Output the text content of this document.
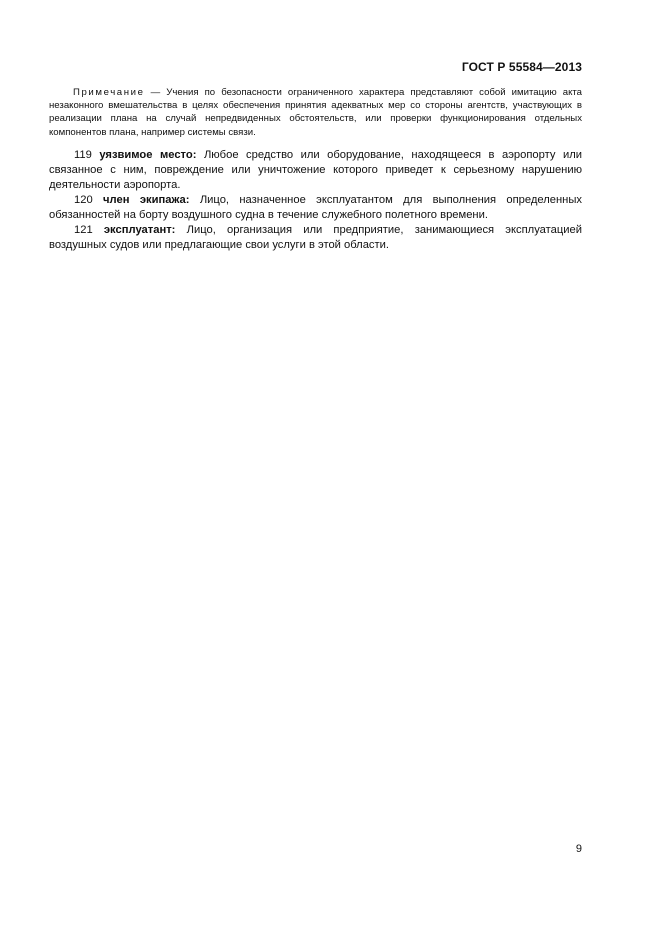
ГОСТ Р 55584—2013

Примечание — Учения по безопасности ограниченного характера представляют собой имитацию акта незаконного вмешательства в целях обеспечения принятия адекватных мер со стороны агентств, участвующих в реализации плана на случай непредвиденных обстоятельств, или проверки функционирования отдельных компонентов плана, например системы связи.

119 уязвимое место: Любое средство или оборудование, находящееся в аэропорту или связанное с ним, повреждение или уничтожение которого приведет к серьезному нарушению деятельности аэропорта.

120 член экипажа: Лицо, назначенное эксплуатантом для выполнения определенных обязанностей на борту воздушного судна в течение служебного полетного времени.

121 эксплуатант: Лицо, организация или предприятие, занимающиеся эксплуатацией воздушных судов или предлагающие свои услуги в этой области.

9
